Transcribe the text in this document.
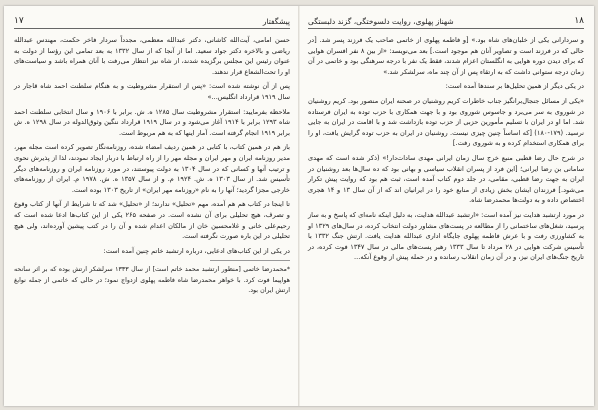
پیشگفتار
۱۷

حسن امامی، آیت‌الله کاشانی، دکتر عبدالله معظمی، مجدداً سردار فاخر حکمت، مهندس عبدالله ریاضی و بالاخره دکتر جواد سعید. اما از آنجا که از سال ۱۳۳۲ به بعد تمامی این رؤسا از دولت به عنوان رئیس این مجلس برگزیده شدند، از شاه نیز انتظار می‌رفت با آنان همراه باشد و سیاست‌های او را تحت‌الشعاع قرار ندهند.

پس از آن نوشته شده است: «پس از استقرار مشروطیت و به هنگام سلطنت احمد شاه قاجار در سال ۱۹۱۹ قرارداد انگلیس...»

ملاحظه بفرمایید: استقرار مشروطیت سال ۱۲۸۵ ه. ش. برابر با ۱۹۰۶ و سال انتخابی سلطنت احمد شاه ۱۲۹۳ برابر با ۱۹۱۴ آغاز می‌شود و در سال ۱۹۱۹ قرارداد ننگین وثوق‌الدوله در سال ۱۲۹۸ ه. ش برابر ۱۹۱۹ انجام گرفته است. آمار اینها که به هم مربوط است.

باز هم در همین کتاب، با کتابی در همین ردیف امضاء شده، روزنامه‌نگار تصویر کرده است مجله مهر، مدیر روزنامه ایران و مهر ایران و مجله مهر را از راه ارتباط با دربار ایجاد نمودند، لذا از پذیرش نحوی و ترتیب آنها و کسانی که در سال ۱۳۰۴ به دولت پیوستند، در مورد روزنامه ایران و روزنامه‌های دیگر تأسیس شد. از سال ۱۳۰۳ ه. ش. ۱۹۲۴ م. و از سال ۱۳۵۷ ه. ش. ۱۹۷۸ م. ایران از روزنامه‌های خارجی مجزا گردید؛ آنها را به نام «روزنامه مهر ایران» از تاریخ ۱۳۰۳ بوده است.

تا اینجا در کتاب هم هم آمده، مهم «تحلیل» ندارند؛ از «تحلیل» شد که تا شرایط از آنها از کتاب وقوع و تصرف، هیچ تحلیلی برای آن نشده است. در صفحه ۲۶۵ یکی از این کتاب‌ها ادعا شده است که رحیم‌علی خانی و غلامحسین خان از مالکان اعدام شده و آن را در کتب پیشین آورده‌اند، ولی هیچ تحلیلی در این باره صورت نگرفته است.

در یکی از این کتاب‌های ادعایی، درباره ارتشبد خاتم چنین آمده است:

*محمد‌رضا خاتمی [منظور ارتشبد محمد خاتم است] از سال ۱۳۳۳ سرلشکر ارتش بوده که بر اثر سانحه هواپیما فوت کرد. با خواهر محمدرضا شاه فاطمه پهلوی ازدواج نمود؛ در حالی که خاتمی از جمله نوابغ ارتش ایران بود.

۱۸
شهناز پهلوی، روایت دلسوختگی، گزند دلبستگی

و سردارانی یکی از خلبان‌های شاه بود.» [و فاطمه پهلوی از خاتمی صاحب یک فرزند پسر شد. [در حالی که در فرزند است و تصاویر آنان هم موجود است.] بعد می‌نویسد: «از بین ۸ نفر افسران هوایی که برای دیدن دوره هوایی به انگلستان اعزام شدند، فقط یک نفر با درجه سرهنگی بود و خاتمی در آن زمان درجه ستوانی داشت که به ارتقاء پس از آن چند ماه، سرلشکر شد.»

در یکی دیگر از همین تحلیل‌ها بر سندها آمده است:

«یکی از مسائل جنجال‌برانگیز جناب خاطرات کریم روشنیان در صحنه ایران منصور بود. کریم روشنیان در شوروی به سر می‌برد و جاسوس شوروی بود و با جهت همکاری با حزب توده به ایران فرستاده شد. اما او در ایران با تسلیم مأمورین حزبی از حزب توده بازداشت شد و با اقامت در ایران به جایی نرسید. (۱۷۹-۱۸۰) [که اساساً چنین چیزی نیست. روشنیان در ایران به حزب توده گرایش یافت، او را برای همکاری استخدام کرده و به شوروی رفت.]

در شرح حال رضا قطبی منبع خرج سال زمان ایرانی مهدی سادات‌دار!» (ذکر شده است که مهدی سامانی بن رضا ایرانی؛ [این فرد از پسران انقلاب سیاسی و بهانی بود که ده سال‌ها بعد روشنیان در ایران به جهت رضا قطبی، مقامی، در جلد دوم کتاب آمده است، ثبت هم بود که روایت پیش تکرار می‌شود.] فرزندان ایشان بخش زیادی از منابع خود را در ایرانیان اند که از آن سال ۱۳ و ۱۴ هجری اختصاص داده و به دولت‌ها محمدرضا شاه.

در مورد ارتشبد هدایت نیز آمده است: «ارتشبد عبدالله هدایت، به دلیل اینکه نامه‌ای که پاسخ و به ساز پرسید، شغل‌های ساختمانی را از مطالعه در پست‌های مشاور دولت انتخاب کرده، در سال‌های ۱۳۲۹ او به کشاورزی رفت و با عرش فاطمه پهلوی جایگاه اداری عبدالله هدایت یافت. ارتش جنگ ۱۳۳۲ با تأسیس شرکت هوایی در ۲۸ مرداد تا سال ۱۳۳۳ رهبر پست‌های مالی در سال ۱۳۴۷ فوت کرده، در تاریخ جنگ‌های ایران نیز، و در آن زمان انقلاب رسانده و در حمله پیش از وقوع آنکه...
